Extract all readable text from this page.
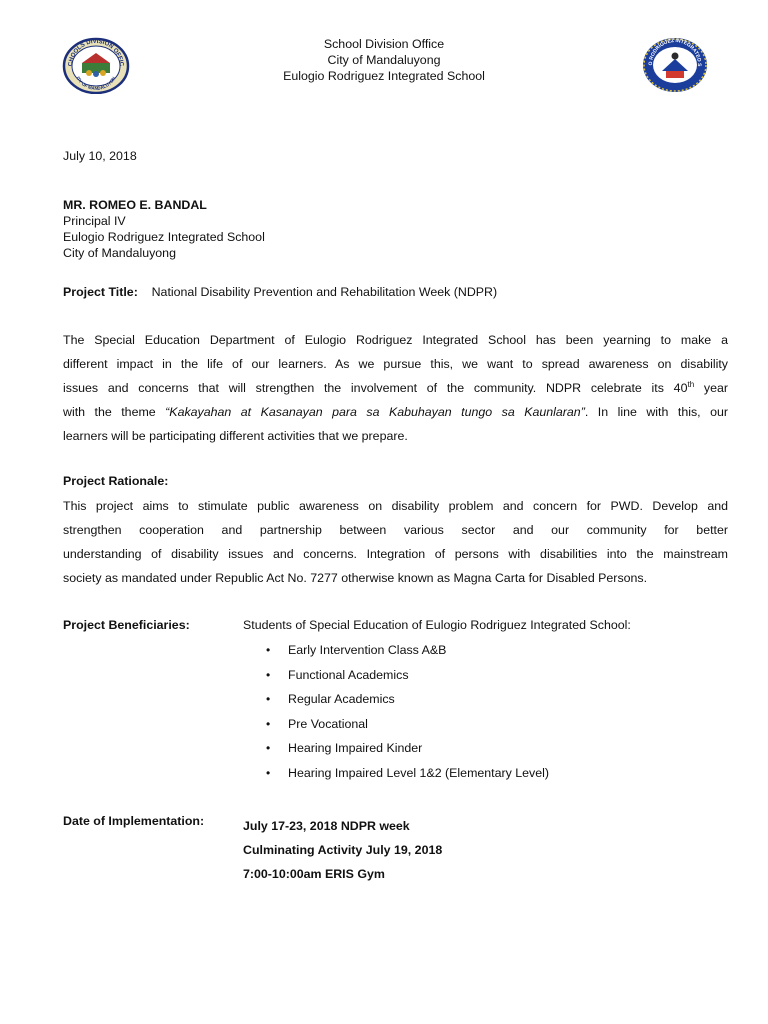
CHOOLS DIVISION OFFIC
ITY OF MANDALUYON
O RODRIGUEZ INTEGRATED S
School Division Office
City of Mandaluyong
Eulogio Rodriguez Integrated School
July 10, 2018
MR. ROMEO E. BANDAL
Principal IV
Eulogio Rodriguez Integrated School
City of Mandaluyong
Project Title: National Disability Prevention and Rehabilitation Week (NDPR)

The Special Education Department of Eulogio Rodriguez Integrated School has been yearning to make a

different impact in the life of our learners. As we pursue this, we want to spread awareness on disability

issues and concerns that will strengthen the involvement of the community. NDPR celebrate its 40th year

with the theme “Kakayahan at Kasanayan para sa Kabuhayan tungo sa Kaunlaran”. In line with this, our

learners will be participating different activities that we prepare.

Project Rationale:

This project aims to stimulate public awareness on disability problem and concern for PWD. Develop and

strengthen cooperation and partnership between various sector and our community for better

understanding of disability issues and concerns. Integration of persons with disabilities into the mainstream

society as mandated under Republic Act No. 7277 otherwise known as Magna Carta for Disabled Persons.

Project Beneficiaries:	Students of Special Education of Eulogio Rodriguez Integrated School:
• Early Intervention Class A&B
• Functional Academics
• Regular Academics
• Pre Vocational
• Hearing Impaired Kinder
• Hearing Impaired Level 1&2 (Elementary Level)
Date of Implementation:	July 17-23, 2018 NDPR week
Culminating Activity July 19, 2018
7:00-10:00am ERIS Gym
